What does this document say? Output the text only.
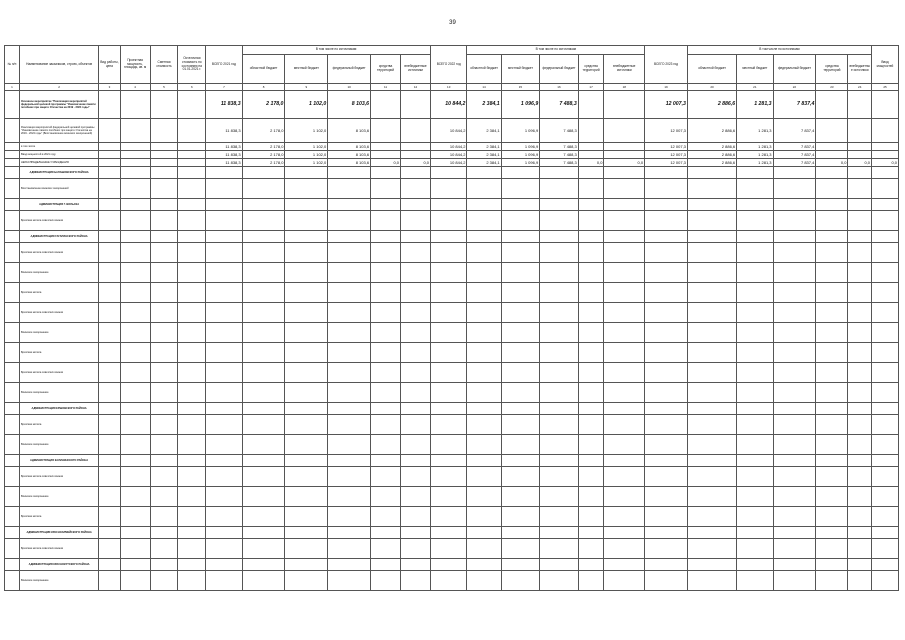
39
№ п/п	Наименование заказчиков, строек, объектов	Вид работы, цена	Проектная мощность, площадь, кв. м	Сметная стоимость	Остаточная стоимость по состоянию на 01.01.2021 г.	ВСЕГО 2021 год	В том числе по источникам:					ВСЕГО 2022 год	В том числе по источникам					ВСЕГО 2023 год	В том числе по источникам					Ввод мощностей
							областной бюджет	местный бюджет	федеральный бюджет	средства территорий	внебюджетные источники		областной бюджет	местный бюджет	федеральный бюджет	средства территорий	внебюджетные источники		областной бюджет	местный бюджет	федеральный бюджет	средства территорий	внебюджетные источники	
1	2	3	4	5	6	7	8	9	10	11	12	13	14	15	16	17	18	19	20	21	22	23	24	25
	Основное мероприятие "Реализация мероприятий федеральной целевой программы "Увековечение памяти погибших при защите Отечества на 2019 - 2024 годы"					11 838,3	2 178,0	1 102,0	8 103,6			10 844,2	2 384,1	1 096,9	7 488,3			12 007,3	2 886,6	1 281,3	7 837,4			
	Реализация мероприятий федеральной целевой программы "Увековечение памяти погибших при защите Отечества на 2019 - 2024 годы" (Восстановление воинских захоронений)					11 838,3	2 178,0	1 102,0	8 103,6			10 844,2	2 384,1	1 096,9	7 488,3			12 007,3	2 886,6	1 281,3	7 837,4			
	в том числе					11 838,3	2 178,0	1 102,0	8 103,6			10 844,2	2 384,1	1 096,9	7 488,3			12 007,3	2 886,6	1 281,3	7 837,4			
	Ввод мощностей в 2021 году					11 838,3	2 178,0	1 102,0	8 103,6			10 844,2	2 384,1	1 096,9	7 488,3			12 007,3	2 886,6	1 281,3	7 837,4			
	НЕРАСПРЕДЕЛЕННЫЕ УЧРЕЖДЕНИЯ					11 838,3	2 178,0	1 102,0	8 103,6	0,0	0,0	10 844,2	2 384,1	1 096,9	7 488,3	0,0	0,0	12 007,3	2 886,6	1 281,3	7 837,4	0,0	0,0	0,0
	АДМИНИСТРАЦИЯ БАЛАШОВСКОГО РАЙОНА																							
	Восстановление воинских захоронений																							
	АДМИНИСТРАЦИЯ Г. ВОЛЬСКА																							
	Братская могила советских воинов																							
	АДМИНИСТРАЦИЯ ГАГАРИНСКОГО РАЙОНА																							
	Братская могила советских воинов																							
	Воинское захоронение																							
	Братская могила																							
	Братская могила советских воинов																							
	Воинское захоронение																							
	Братская могила																							
	Братская могила советских воинов																							
	Воинское захоронение																							
	АДМИНИСТРАЦИЯ ЕРШОВСКОГО РАЙОНА																							
	Братская могила																							
	Воинское захоронение																							
	АДМИНИСТРАЦИЯ КАЛИНИНСКОГО РАЙОНА																							
	Братская могила советских воинов																							
	Воинское захоронение																							
	Братская могила																							
	АДМИНИСТРАЦИЯ КРАСНОАРМЕЙСКОГО РАЙОНА																							
	Братская могила советских воинов																							
	АДМИНИСТРАЦИЯ КРАСНОКУТСКОГО РАЙОНА																							
	Воинское захоронение																							
